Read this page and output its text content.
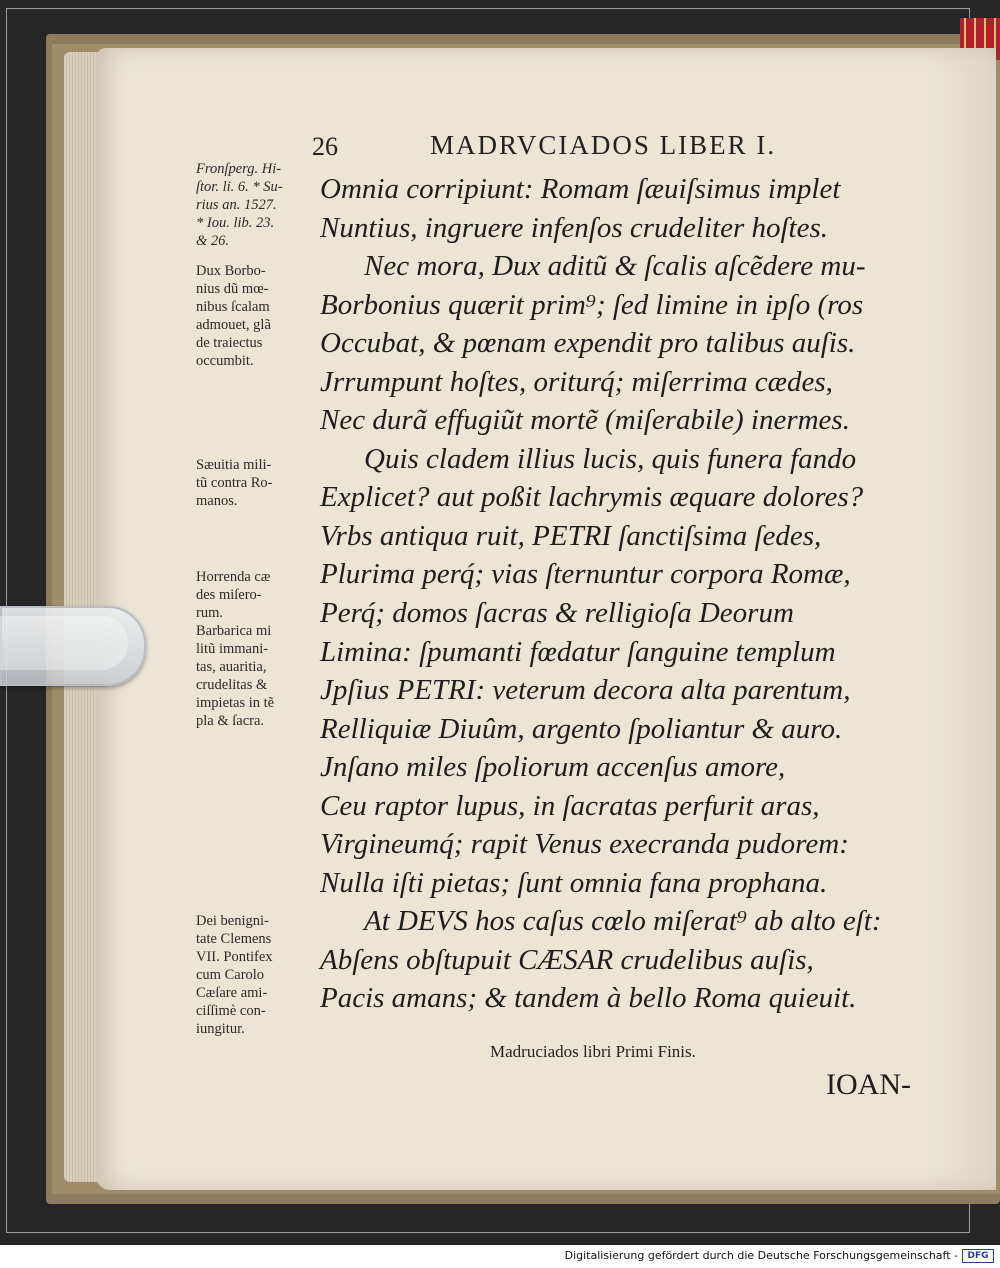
26	MADRVCIADOS LIBER I.
Fronſperg. Hi-
ſtor. li. 6. * Su-
rius an. 1527.
* Iou. lib. 23.
& 26.
Dux Borbo-
nius dũ mœ-
nibus ſcalam
admouet, glã
de traiectus
occumbit.
Sæuitia mili-
tũ contra Ro-
manos.
Horrenda cæ
des miſero-
rum.
Barbarica mi
litũ immani-
tas, auaritia,
crudelitas &
impietas in tẽ
pla & ſacra.
Dei benigni-
tate Clemens
VII. Pontifex
cum Carolo
Cæſare ami-
ciſſimè con-
iungitur.
Omnia corripiunt: Romam ſæuiſsimus implet
Nuntius, ingruere infenſos crudeliter hoſtes.
Nec mora, Dux aditũ & ſcalis aſcẽdere mu-
Borbonius quærit prim⁹; ſed limine in ipſo (ros
Occubat, & pœnam expendit pro talibus auſis.
Jrrumpunt hoſtes, oriturq́; miſerrima cædes,
Nec durã effugiũt mortẽ (miſerabile) inermes.
Quis cladem illius lucis, quis funera fando
Explicet? aut poßit lachrymis æquare dolores?
Vrbs antiqua ruit, PETRI ſanctiſsima ſedes,
Plurima perq́; vias ſternuntur corpora Romæ,
Perq́; domos ſacras & relligioſa Deorum
Limina: ſpumanti fœdatur ſanguine templum
Jpſius PETRI: veterum decora alta parentum,
Relliquiæ Diuûm, argento ſpoliantur & auro.
Jnſano miles ſpoliorum accenſus amore,
Ceu raptor lupus, in ſacratas perfurit aras,
Virgineumq́; rapit Venus execranda pudorem:
Nulla iſti pietas; ſunt omnia fana prophana.
At DEVS hos caſus cœlo miſerat⁹ ab alto eſt:
Abſens obſtupuit CÆSAR crudelibus auſis,
Pacis amans; & tandem à bello Roma quieuit.
Madruciados libri Primi Finis.
IOAN-
Digitalisierung gefördert durch die Deutsche Forschungsgemeinschaft -	DFG
